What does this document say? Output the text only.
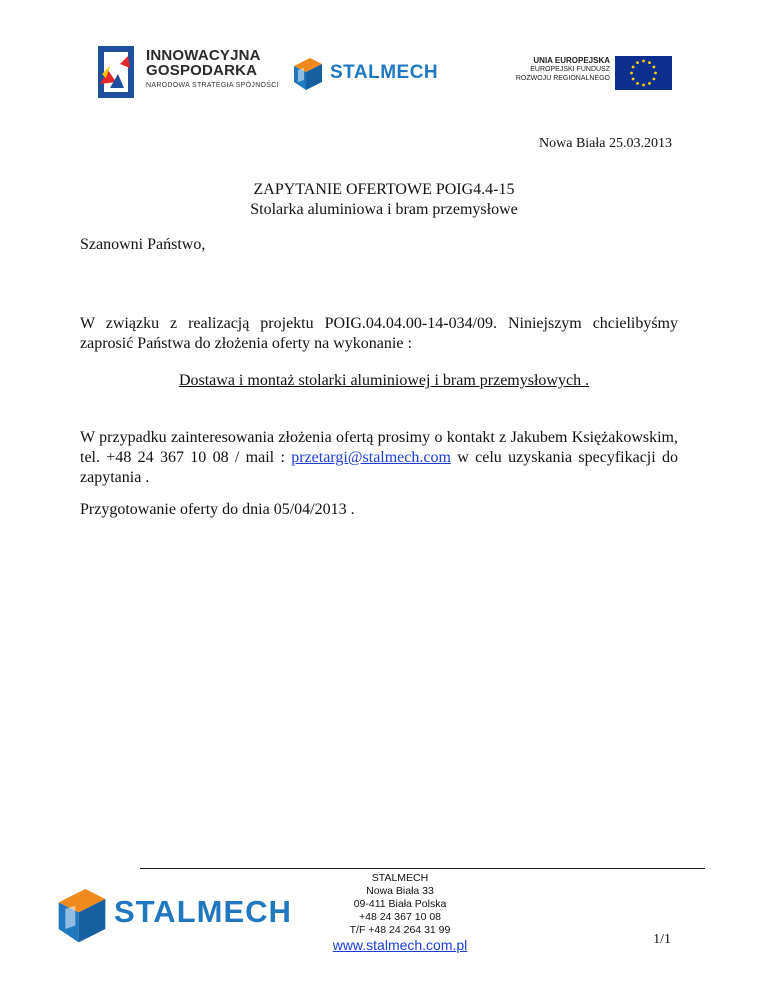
INNOWACYJNA
GOSPODARKA
NARODOWA STRATEGIA SPÓJNOŚCI
STALMECH
UNIA EUROPEJSKA
EUROPEJSKI FUNDUSZ
ROZWOJU REGIONALNEGO
Nowa Biała 25.03.2013
ZAPYTANIE OFERTOWE POIG4.4-15
Stolarka aluminiowa i bram przemysłowe
Szanowni Państwo,
W związku z realizacją projektu POIG.04.04.00-14-034/09. Niniejszym chcielibyśmy zaprosić Państwa do złożenia oferty na wykonanie :
Dostawa i montaż stolarki aluminiowej i bram przemysłowych .
W przypadku zainteresowania złożenia ofertą prosimy o kontakt z Jakubem Księżakowskim, tel. +48 24 367 10 08 / mail : przetargi@stalmech.com w celu uzyskania specyfikacji do zapytania .
Przygotowanie oferty do dnia 05/04/2013 .
STALMECH
STALMECH
Nowa Biała 33
09-411 Biała Polska
+48 24 367 10 08
T/F +48 24 264 31 99
www.stalmech.com.pl	1/1
